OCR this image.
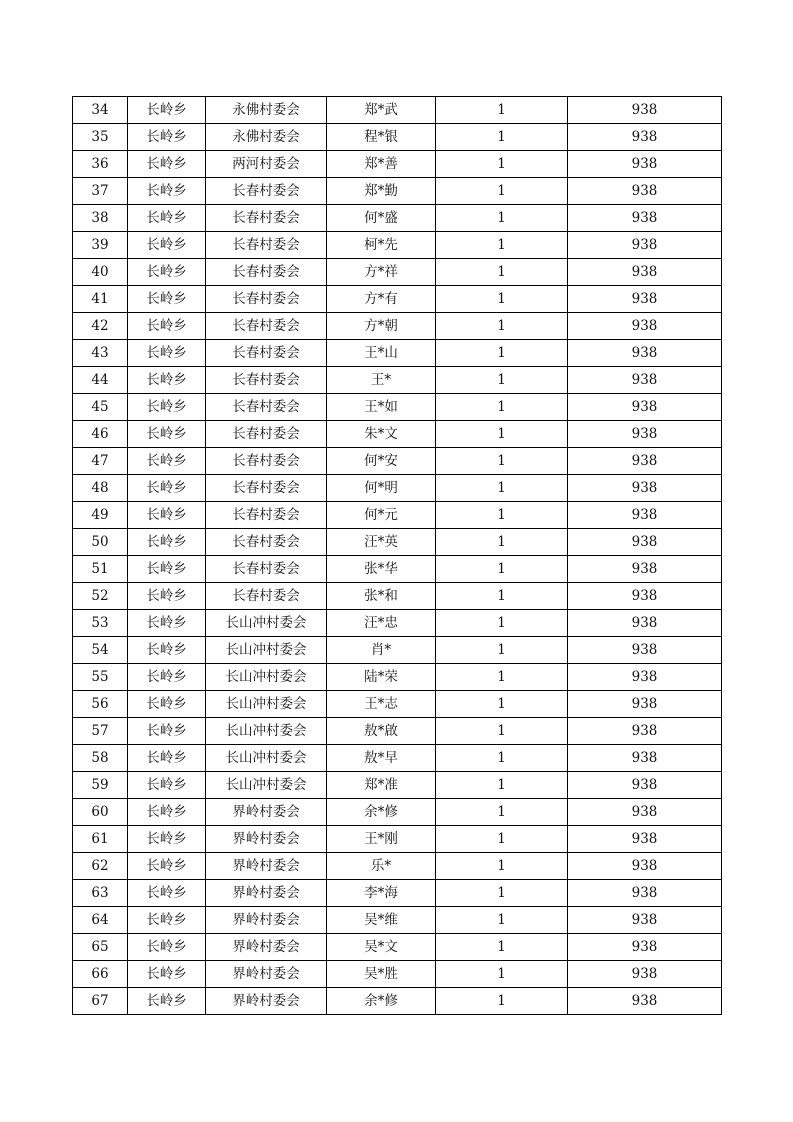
34	长岭乡	永佛村委会	郑*武	1	938
35	长岭乡	永佛村委会	程*银	1	938
36	长岭乡	两河村委会	郑*善	1	938
37	长岭乡	长春村委会	郑*勤	1	938
38	长岭乡	长春村委会	何*盛	1	938
39	长岭乡	长春村委会	柯*先	1	938
40	长岭乡	长春村委会	方*祥	1	938
41	长岭乡	长春村委会	方*有	1	938
42	长岭乡	长春村委会	方*朝	1	938
43	长岭乡	长春村委会	王*山	1	938
44	长岭乡	长春村委会	王*	1	938
45	长岭乡	长春村委会	王*如	1	938
46	长岭乡	长春村委会	朱*文	1	938
47	长岭乡	长春村委会	何*安	1	938
48	长岭乡	长春村委会	何*明	1	938
49	长岭乡	长春村委会	何*元	1	938
50	长岭乡	长春村委会	汪*英	1	938
51	长岭乡	长春村委会	张*华	1	938
52	长岭乡	长春村委会	张*和	1	938
53	长岭乡	长山冲村委会	汪*忠	1	938
54	长岭乡	长山冲村委会	肖*	1	938
55	长岭乡	长山冲村委会	陆*荣	1	938
56	长岭乡	长山冲村委会	王*志	1	938
57	长岭乡	长山冲村委会	敖*啟	1	938
58	长岭乡	长山冲村委会	敖*早	1	938
59	长岭乡	长山冲村委会	郑*准	1	938
60	长岭乡	界岭村委会	余*修	1	938
61	长岭乡	界岭村委会	王*刚	1	938
62	长岭乡	界岭村委会	乐*	1	938
63	长岭乡	界岭村委会	李*海	1	938
64	长岭乡	界岭村委会	吴*维	1	938
65	长岭乡	界岭村委会	吴*文	1	938
66	长岭乡	界岭村委会	吴*胜	1	938
67	长岭乡	界岭村委会	余*修	1	938
